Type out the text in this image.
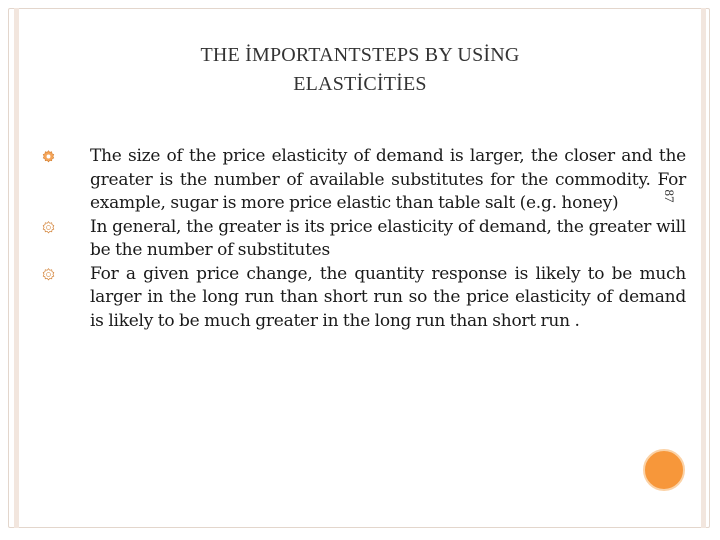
THE İMPORTANTSTEPS BY USİNG
ELASTİCİTİES
87

The size of the price elasticity of demand is larger, the closer and the greater is the number of available substitutes for the commodity. For example, sugar is more price elastic than table salt (e.g. honey)

In general, the greater is its price elasticity of demand, the greater will be the number of substitutes

For a given price change, the quantity response is likely to be much larger in the long run than short run so the price elasticity of demand is likely to be much greater in the long run than short run .
